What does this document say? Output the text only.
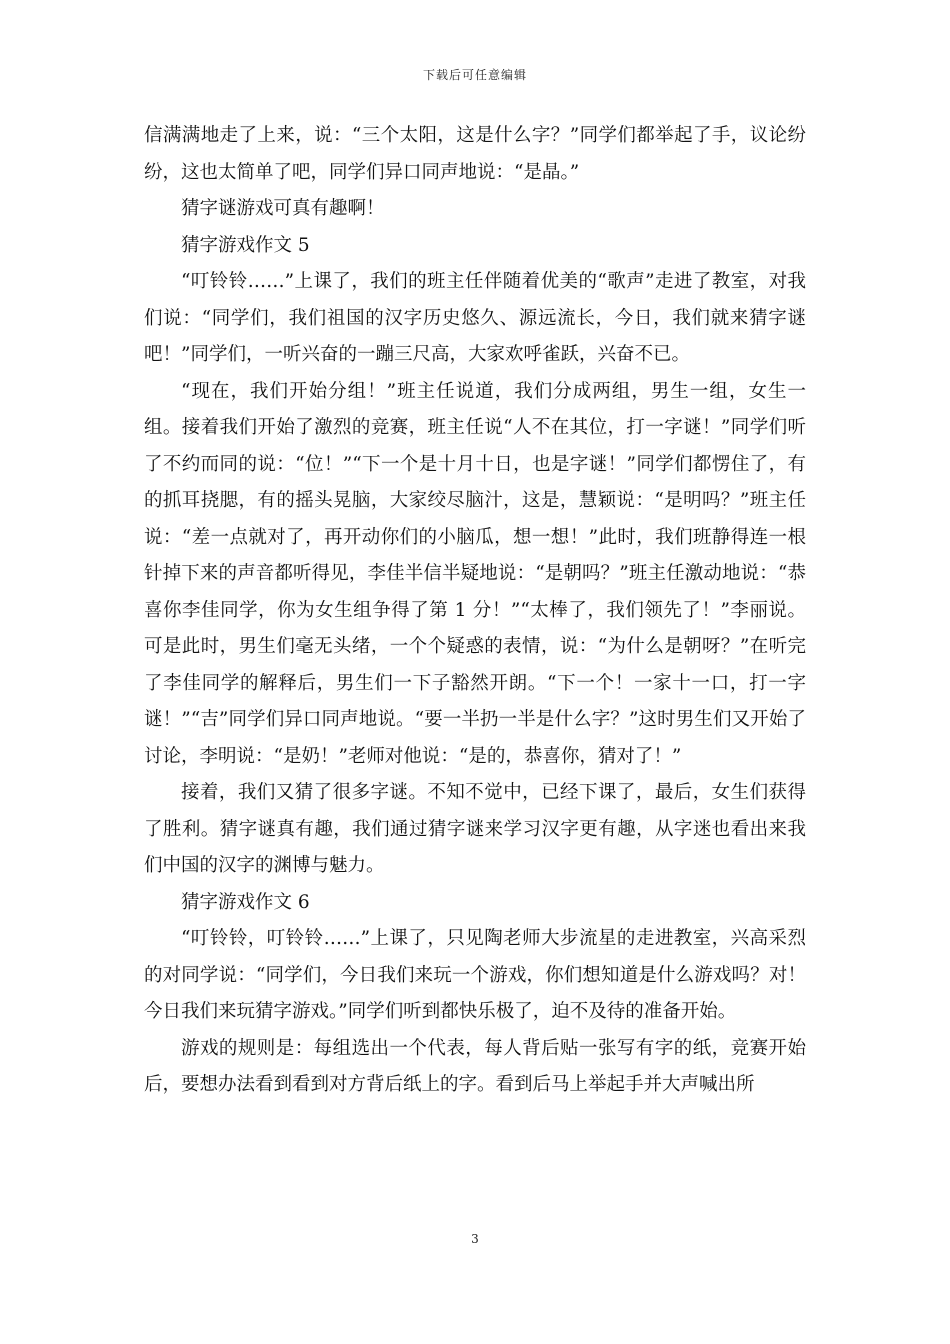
下载后可任意编辑

信满满地走了上来，说：“三个太阳，这是什么字？”同学们都举起了手，议论纷纷，这也太简单了吧，同学们异口同声地说：“是晶。”

猜字谜游戏可真有趣啊！

猜字游戏作文 5

“叮铃铃……”上课了，我们的班主任伴随着优美的“歌声”走进了教室，对我们说：“同学们，我们祖国的汉字历史悠久、源远流长，今日，我们就来猜字谜吧！”同学们，一听兴奋的一蹦三尺高，大家欢呼雀跃，兴奋不已。

“现在，我们开始分组！”班主任说道，我们分成两组，男生一组，女生一组。接着我们开始了激烈的竞赛，班主任说“人不在其位，打一字谜！”同学们听了不约而同的说：“位！”“下一个是十月十日，也是字谜！”同学们都愣住了，有的抓耳挠腮，有的摇头晃脑，大家绞尽脑汁，这是，慧颖说：“是明吗？”班主任说：“差一点就对了，再开动你们的小脑瓜，想一想！”此时，我们班静得连一根针掉下来的声音都听得见，李佳半信半疑地说：“是朝吗？”班主任激动地说：“恭喜你李佳同学，你为女生组争得了第 1 分！”“太棒了，我们领先了！”李丽说。可是此时，男生们毫无头绪，一个个疑惑的表情，说：“为什么是朝呀？”在听完了李佳同学的解释后，男生们一下子豁然开朗。“下一个！一家十一口，打一字谜！”“吉”同学们异口同声地说。“要一半扔一半是什么字？”这时男生们又开始了讨论，李明说：“是奶！”老师对他说：“是的，恭喜你，猜对了！”

接着，我们又猜了很多字谜。不知不觉中，已经下课了，最后，女生们获得了胜利。猜字谜真有趣，我们通过猜字谜来学习汉字更有趣，从字迷也看出来我们中国的汉字的渊博与魅力。

猜字游戏作文 6

“叮铃铃，叮铃铃……”上课了，只见陶老师大步流星的走进教室，兴高采烈的对同学说：“同学们，今日我们来玩一个游戏，你们想知道是什么游戏吗？对！今日我们来玩猜字游戏。”同学们听到都快乐极了，迫不及待的准备开始。

游戏的规则是：每组选出一个代表，每人背后贴一张写有字的纸，竞赛开始后，要想办法看到看到对方背后纸上的字。看到后马上举起手并大声喊出所

3
